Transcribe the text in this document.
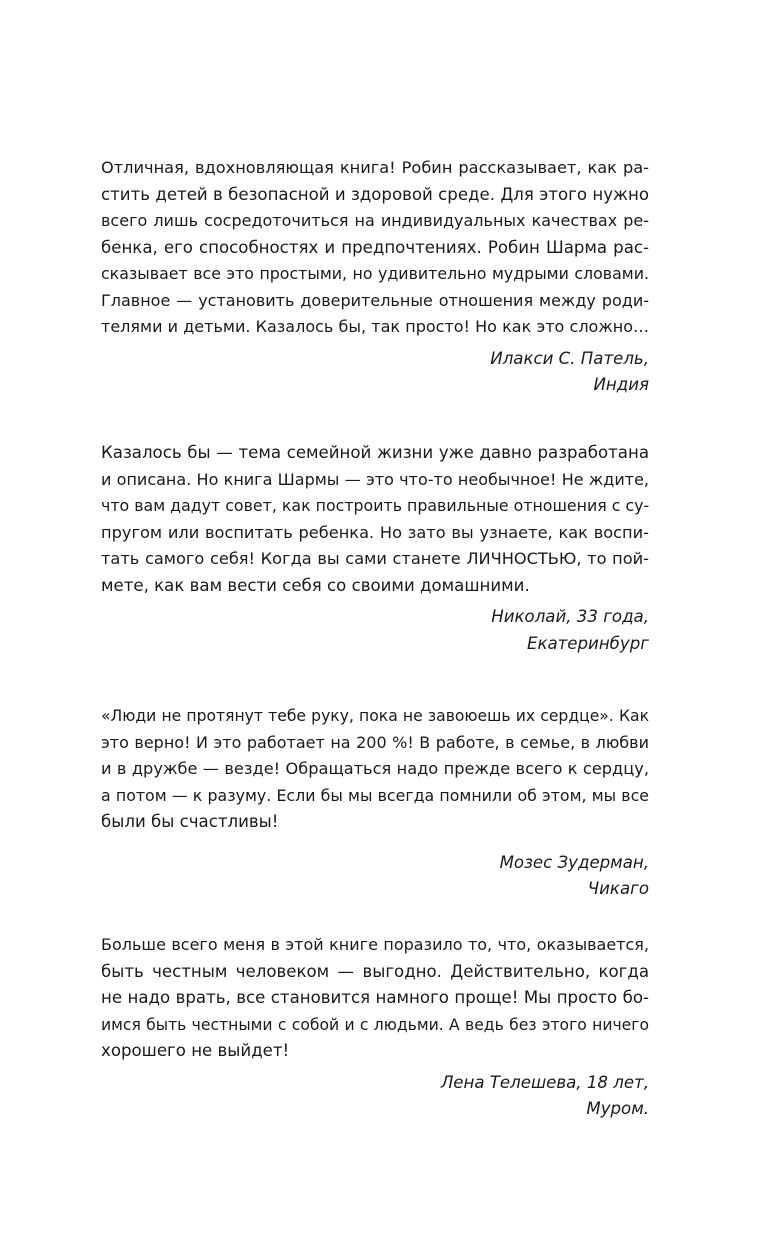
Отличная, вдохновляющая книга! Робин рассказывает, как ра-
стить детей в безопасной и здоровой среде. Для этого нужно
всего лишь сосредоточиться на индивидуальных качествах ре-
бенка, его способностях и предпочтениях. Робин Шарма рас-
сказывает все это простыми, но удивительно мудрыми словами.
Главное — установить доверительные отношения между роди-
телями и детьми. Казалось бы, так просто! Но как это сложно…
Илакси С. Патель,
Индия
Казалось бы — тема семейной жизни уже давно разработана
и описана. Но книга Шармы — это что-то необычное! Не ждите,
что вам дадут совет, как построить правильные отношения с су-
пругом или воспитать ребенка. Но зато вы узнаете, как воспи-
тать самого себя! Когда вы сами станете ЛИЧНОСТЬЮ, то пой-
мете, как вам вести себя со своими домашними.
Николай, 33 года,
Екатеринбург
«Люди не протянут тебе руку, пока не завоюешь их сердце». Как
это верно! И это работает на 200 %! В работе, в семье, в любви
и в дружбе — везде! Обращаться надо прежде всего к сердцу,
а потом — к разуму. Если бы мы всегда помнили об этом, мы все
были бы счастливы!
Мозес Зудерман,
Чикаго
Больше всего меня в этой книге поразило то, что, оказывается,
быть честным человеком — выгодно. Действительно, когда
не надо врать, все становится намного проще! Мы просто бо-
имся быть честными с собой и с людьми. А ведь без этого ничего
хорошего не выйдет!
Лена Телешева, 18 лет,
Муром.
